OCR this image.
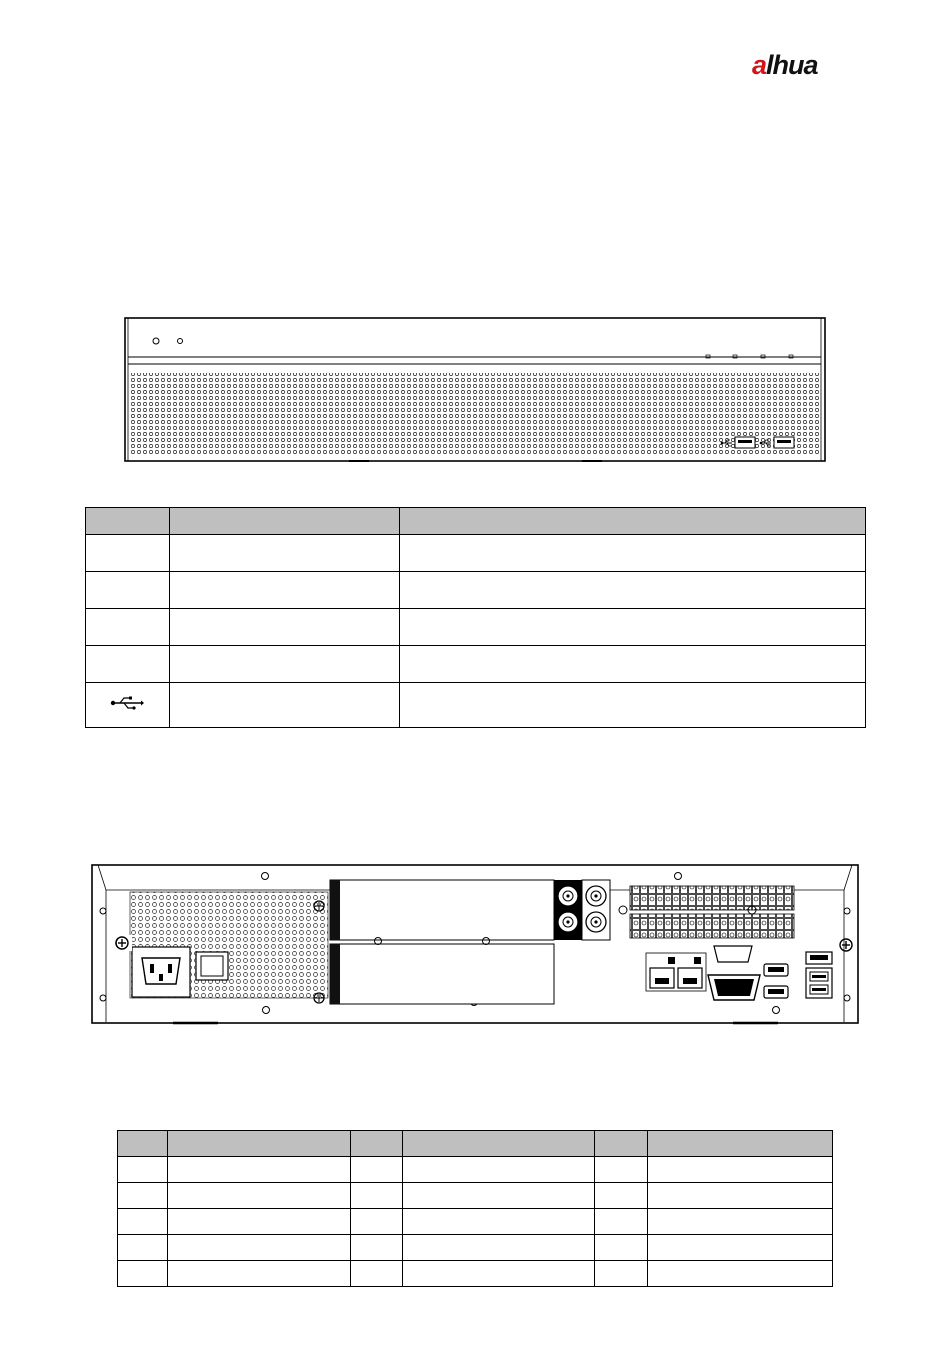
alhua
